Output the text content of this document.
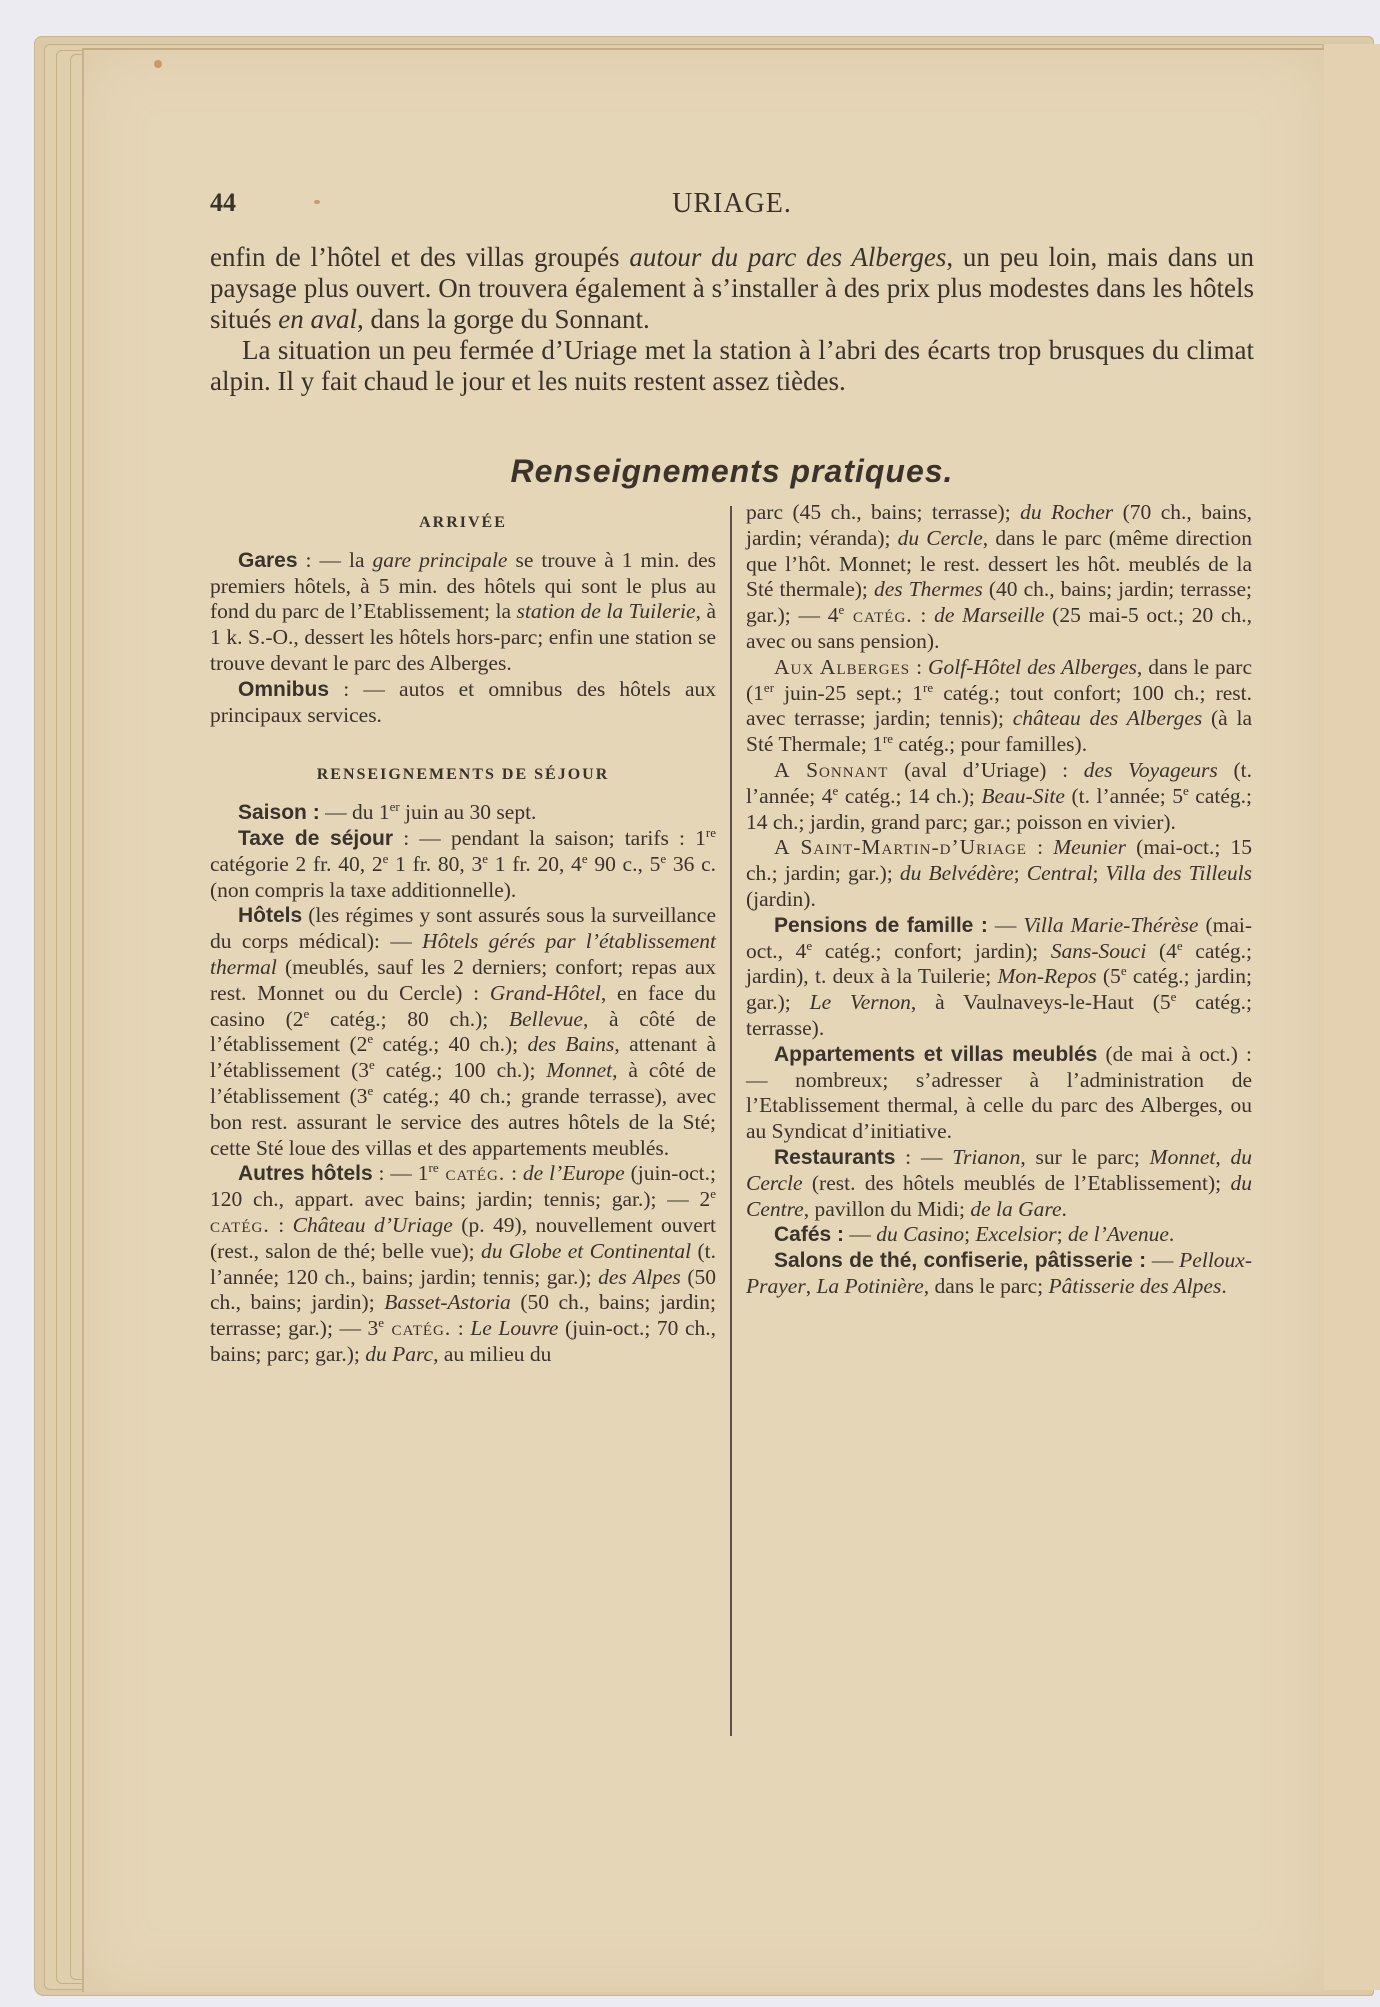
44	URIAGE.

enfin de l’hôtel et des villas groupés autour du parc des Alberges, un peu loin, mais dans un paysage plus ouvert. On trouvera également à s’installer à des prix plus modestes dans les hôtels situés en aval, dans la gorge du Sonnant.

La situation un peu fermée d’Uriage met la station à l’abri des écarts trop brusques du climat alpin. Il y fait chaud le jour et les nuits restent assez tièdes.

Renseignements pratiques.
ARRIVÉE

Gares : — la gare principale se trouve à 1 min. des premiers hôtels, à 5 min. des hôtels qui sont le plus au fond du parc de l’Etablissement; la station de la Tuilerie, à 1 k. S.-O., dessert les hôtels hors-parc; enfin une station se trouve devant le parc des Alberges.

Omnibus : — autos et omnibus des hôtels aux principaux services.

RENSEIGNEMENTS DE SÉJOUR

Saison : — du 1er juin au 30 sept.

Taxe de séjour : — pendant la saison; tarifs : 1re catégorie 2 fr. 40, 2e 1 fr. 80, 3e 1 fr. 20, 4e 90 c., 5e 36 c. (non compris la taxe additionnelle).

Hôtels (les régimes y sont assurés sous la surveillance du corps médical): — Hôtels gérés par l’établissement thermal (meublés, sauf les 2 derniers; confort; repas aux rest. Monnet ou du Cercle) : Grand-Hôtel, en face du casino (2e catég.; 80 ch.); Bellevue, à côté de l’établissement (2e catég.; 40 ch.); des Bains, attenant à l’établissement (3e catég.; 100 ch.); Monnet, à côté de l’établissement (3e catég.; 40 ch.; grande terrasse), avec bon rest. assurant le service des autres hôtels de la Sté; cette Sté loue des villas et des appartements meublés.

Autres hôtels : — 1re catég. : de l’Europe (juin-oct.; 120 ch., appart. avec bains; jardin; tennis; gar.); — 2e catég. : Château d’Uriage (p. 49), nouvellement ouvert (rest., salon de thé; belle vue); du Globe et Continental (t. l’année; 120 ch., bains; jardin; tennis; gar.); des Alpes (50 ch., bains; jardin); Basset-Astoria (50 ch., bains; jardin; terrasse; gar.); — 3e catég. : Le Louvre (juin-oct.; 70 ch., bains; parc; gar.); du Parc, au milieu du

parc (45 ch., bains; terrasse); du Rocher (70 ch., bains, jardin; véranda); du Cercle, dans le parc (même direction que l’hôt. Monnet; le rest. dessert les hôt. meublés de la Sté thermale); des Thermes (40 ch., bains; jardin; terrasse; gar.); — 4e catég. : de Marseille (25 mai-5 oct.; 20 ch., avec ou sans pension).

Aux Alberges : Golf-Hôtel des Alberges, dans le parc (1er juin-25 sept.; 1re catég.; tout confort; 100 ch.; rest. avec terrasse; jardin; tennis); château des Alberges (à la Sté Thermale; 1re catég.; pour familles).

A Sonnant (aval d’Uriage) : des Voyageurs (t. l’année; 4e catég.; 14 ch.); Beau-Site (t. l’année; 5e catég.; 14 ch.; jardin, grand parc; gar.; poisson en vivier).

A Saint-Martin-d’Uriage : Meunier (mai-oct.; 15 ch.; jardin; gar.); du Belvédère; Central; Villa des Tilleuls (jardin).

Pensions de famille : — Villa Marie-Thérèse (mai-oct., 4e catég.; confort; jardin); Sans-Souci (4e catég.; jardin), t. deux à la Tuilerie; Mon-Repos (5e catég.; jardin; gar.); Le Vernon, à Vaulnaveys-le-Haut (5e catég.; terrasse).

Appartements et villas meublés (de mai à oct.) : — nombreux; s’adresser à l’administration de l’Etablissement thermal, à celle du parc des Alberges, ou au Syndicat d’initiative.

Restaurants : — Trianon, sur le parc; Monnet, du Cercle (rest. des hôtels meublés de l’Etablissement); du Centre, pavillon du Midi; de la Gare.

Cafés : — du Casino; Excelsior; de l’Avenue.

Salons de thé, confiserie, pâtisserie : — Pelloux-Prayer, La Potinière, dans le parc; Pâtisserie des Alpes.
